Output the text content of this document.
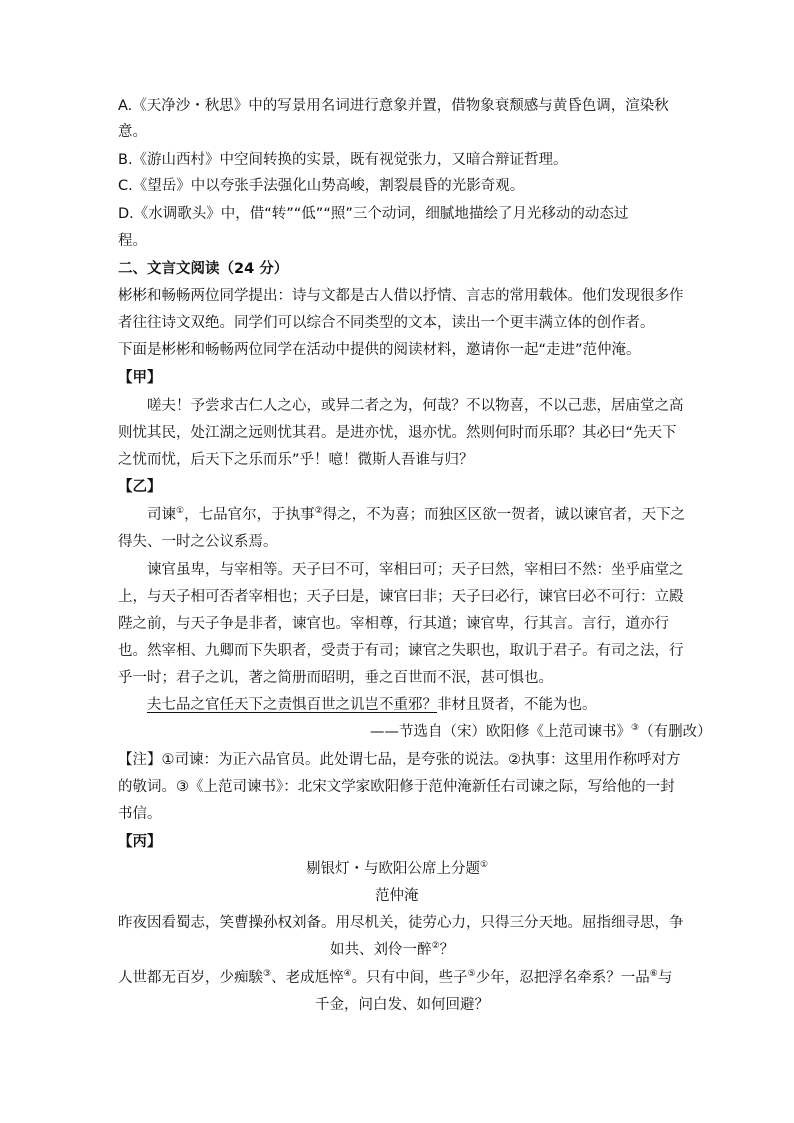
A.《天净沙・秋思》中的写景用名词进行意象并置，借物象衰颓感与黄昏色调，渲染秋
意。
B.《游山西村》中空间转换的实景，既有视觉张力，又暗合辩证哲理。
C.《望岳》中以夸张手法强化山势高峻，割裂晨昏的光影奇观。
D.《水调歌头》中，借“转”“低”“照”三个动词，细腻地描绘了月光移动的动态过
程。
二、文言文阅读（24 分）
彬彬和畅畅两位同学提出：诗与文都是古人借以抒情、言志的常用载体。他们发现很多作
者往往诗文双绝。同学们可以综合不同类型的文本，读出一个更丰满立体的创作者。
下面是彬彬和畅畅两位同学在活动中提供的阅读材料，邀请你一起“走进”范仲淹。
【甲】
嗟夫！予尝求古仁人之心，或异二者之为，何哉？不以物喜，不以己悲，居庙堂之高
则忧其民，处江湖之远则忧其君。是进亦忧，退亦忧。然则何时而乐耶？其必曰“先天下
之忧而忧，后天下之乐而乐”乎！噫！微斯人吾谁与归？
【乙】
司谏①，七品官尔，于执事②得之，不为喜；而独区区欲一贺者，诚以谏官者，天下之
得失、一时之公议系焉。
谏官虽卑，与宰相等。天子曰不可，宰相曰可；天子曰然，宰相曰不然：坐乎庙堂之
上，与天子相可否者宰相也；天子曰是，谏官曰非；天子曰必行，谏官曰必不可行：立殿
陛之前，与天子争是非者，谏官也。宰相尊，行其道；谏官卑，行其言。言行，道亦行
也。然宰相、九卿而下失职者，受责于有司；谏官之失职也，取讥于君子。有司之法，行
乎一时；君子之讥，著之简册而昭明，垂之百世而不泯，甚可惧也。
夫七品之官任天下之责惧百世之讥岂不重邪？非材且贤者，不能为也。
——节选自（宋）欧阳修《上范司谏书》③（有删改）
【注】①司谏：为正六品官员。此处谓七品，是夸张的说法。②执事：这里用作称呼对方
的敬词。③《上范司谏书》：北宋文学家欧阳修于范仲淹新任右司谏之际，写给他的一封
书信。
【丙】
剔银灯・与欧阳公席上分题①
范仲淹
昨夜因看蜀志，笑曹操孙权刘备。用尽机关，徒劳心力，只得三分天地。屈指细寻思，争
如共、刘伶一醉②？
人世都无百岁，少痴騃③、老成尪悴④。只有中间，些子⑤少年，忍把浮名牵系？一品⑥与
千金，问白发、如何回避？
